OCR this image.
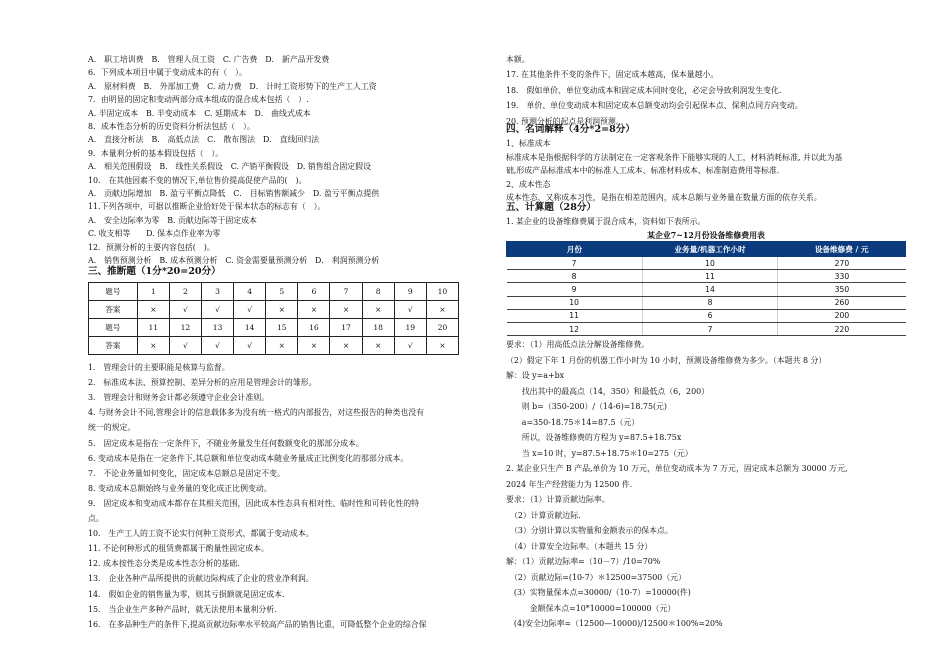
A． 职工培训费　B． 管理人员工资　C. 广告费　D． 新产品开发费
6．下列成本项目中属于变动成本的有（　）。
A． 原材料费　B． 外部加工费　C. 动力费　D． 计时工资形势下的生产工人工资
7．由明显的固定和变动两部分成本组成的混合成本包括（　）.
A. 半固定成本　B. 半变动成本　C. 延期成本　D． 曲线式成本
8．成本性态分析的历史资料分析法包括（　）。
A． 直接分析法　B． 高低点法　C． 散布图法　D． 直线回归法
9．本量利分析的基本假设包括（　）。
A． 相关范围假设　B． 线性关系假设　C. 产销平衡假设　D. 销售组合固定假设
10． 在其他因素不变的情况下,单位售价提高促使产品的(　)。
A． 贡献边际增加　B. 盈亏平衡点降低　C． 目标销售额减少　D. 盈亏平衡点提供
11.下列各项中，可据以推断企业恰好处于保本状态的标志有（　）。
A． 安全边际率为零　B. 贡献边际等于固定成本
C. 收支相等　　D. 保本点作业率为零
12．预测分析的主要内容包括(　)。
A． 销售预测分析　B. 成本预测分析　C. 资金需要量预测分析　D． 利润预测分析
三、推断题（1分*20=20分）
题号	1	2	3	4	5	6	7	8	9	10
答案	×	√	√	√	×	×	×	×	√	×
题号	11	12	13	14	15	16	17	18	19	20
答案	×	√	√	√	×	×	×	×	√	×
1． 管理会计的主要职能是核算与监督。
2． 标准成本法、预算控制、差异分析的应用是管理会计的雏形。
3． 管理会计和财务会计都必须遵守企业会计准则。
4. 与财务会计不同,管理会计的信息载体多为没有统一格式的内部报告，对这些报告的种类也没有
统一的规定。
5． 固定成本是指在一定条件下，不随业务量发生任何数额变化的那部分成本。
6. 变动成本是指在一定条件下,其总额和单位变动成本随业务量成正比例变化的那部分成本。
7． 不论业务量如何变化，固定成本总额总是固定不变。
8. 变动成本总额始终与业务量的变化成正比例变动。
9． 固定成本和变动成本都存在其相关范围，因此成本性态具有相对性、临时性和可转化性的特
点。
10． 生产工人的工资不论实行何种工资形式，都属于变动成本。
11. 不论何种形式的租赁费都属于酌量性固定成本。
12. 成本按性态分类是成本性态分析的基础.
13． 企业各种产品所提供的贡献边际构成了企业的营业净利润。
14． 假如企业的销售量为零，则其亏损额就是固定成本.
15． 当企业生产多种产品时，就无法使用本量利分析.
16． 在多品种生产的条件下,提高贡献边际率水平较高产品的销售比重，可降低整个企业的综合保
本额。
17. 在其他条件不变的条件下，固定成本越高，保本量越小。
18． 假如单价、单位变动成本和固定成本同时变化，必定会导致利润发生变化.
19． 单价、单位变动成本和固定成本总额变动均会引起保本点、保利点同方向变动。
20. 预测分析的起点是利润预测。
四、名词解释（4分*2=8分）
1、标准成本
标准成本是指根据科学的方法制定在一定客观条件下能够实现的人工，材料消耗标准, 并以此为基
础,形成产品标准成本中的标准人工成本、标准材料成本、标准制造费用等标准.
2、成本性态
成本性态，又称成本习性，是指在相差范围内，成本总额与业务量在数量方面的依存关系。
五、计算题（28分）
1. 某企业的设备维修费属于混合成本，资料如下表所示。
某企业7~12月份设备维修费用表
月份	业务量/机器工作小时	设备维修费 / 元
7	10	270
8	11	330
9	14	350
10	8	260
11	6	200
12	7	220
要求：（1）用高低点法分解设备维修费。
（2）假定下年 1 月份的机器工作小时为 10 小时，预测设备维修费为多少。（本题共 8 分）
解：设 y=a+bx
　　找出其中的最高点（14，350）和最低点（6，200）
　　则 b=（350-200）/（14-6)=18.75(元)
　　a=350-18.75＊14=87.5（元）
　　所以，设备维修费的方程为 y=87.5+18.75x
　　当 x=10 时，y=87.5+18.75＊10=275（元）
2. 某企业只生产 B 产品,单价为 10 万元，单位变动成本为 7 万元，固定成本总额为 30000 万元,
2024 年生产经营能力为 12500 件.
要求：（1）计算贡献边际率。
　（2）计算贡献边际.
　（3）分别计算以实物量和金额表示的保本点。
　（4）计算安全边际率。（本题共 15 分）
解：（1）贡献边际率=（10－7）/10=70%
　（2）贡献边际=(10-7）＊12500=37500（元）
　(3）实物量保本点=30000/（10-7）=10000(件)
　　　金额保本点=10*10000=100000（元）
　(4)安全边际率=（12500—10000)/12500＊100%=20%
